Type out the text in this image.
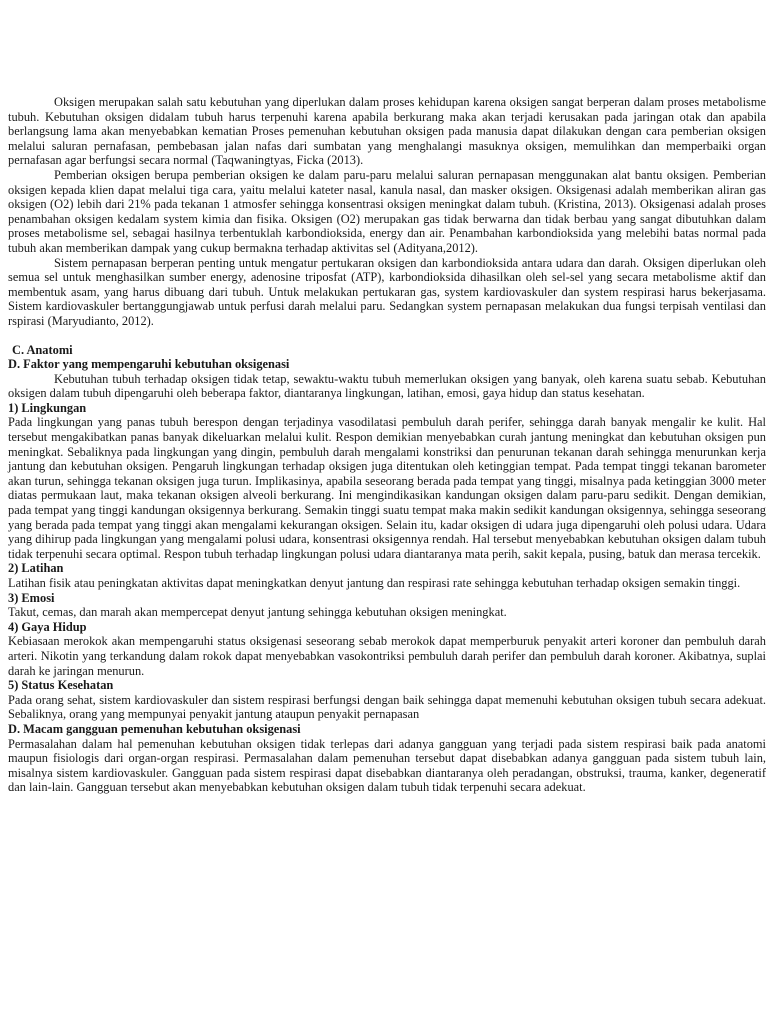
Oksigen merupakan salah satu kebutuhan yang diperlukan dalam proses kehidupan karena oksigen sangat berperan dalam proses metabolisme tubuh. Kebutuhan oksigen didalam tubuh harus terpenuhi karena apabila berkurang maka akan terjadi kerusakan pada jaringan otak dan apabila berlangsung lama akan menyebabkan kematian Proses pemenuhan kebutuhan oksigen pada manusia dapat dilakukan dengan cara pemberian oksigen melalui saluran pernafasan, pembebasan jalan nafas dari sumbatan yang menghalangi masuknya oksigen, memulihkan dan memperbaiki organ pernafasan agar berfungsi secara normal (Taqwaningtyas, Ficka (2013).

Pemberian oksigen berupa pemberian oksigen ke dalam paru-paru melalui saluran pernapasan menggunakan alat bantu oksigen. Pemberian oksigen kepada klien dapat melalui tiga cara, yaitu melalui kateter nasal, kanula nasal, dan masker oksigen. Oksigenasi adalah memberikan aliran gas oksigen (O2) lebih dari 21% pada tekanan 1 atmosfer sehingga konsentrasi oksigen meningkat dalam tubuh. (Kristina, 2013). Oksigenasi adalah proses penambahan oksigen kedalam system kimia dan fisika. Oksigen (O2) merupakan gas tidak berwarna dan tidak berbau yang sangat dibutuhkan dalam proses metabolisme sel, sebagai hasilnya terbentuklah karbondioksida, energy dan air. Penambahan karbondioksida yang melebihi batas normal pada tubuh akan memberikan dampak yang cukup bermakna terhadap aktivitas sel (Adityana,2012).

Sistem pernapasan berperan penting untuk mengatur pertukaran oksigen dan karbondioksida antara udara dan darah. Oksigen diperlukan oleh semua sel untuk menghasilkan sumber energy, adenosine triposfat (ATP), karbondioksida dihasilkan oleh sel-sel yang secara metabolisme aktif dan membentuk asam, yang harus dibuang dari tubuh. Untuk melakukan pertukaran gas, system kardiovaskuler dan system respirasi harus bekerjasama. Sistem kardiovaskuler bertanggungjawab untuk perfusi darah melalui paru. Sedangkan system pernapasan melakukan dua fungsi terpisah ventilasi dan rspirasi (Maryudianto, 2012).

C. Anatomi
D. Faktor yang mempengaruhi kebutuhan oksigenasi

Kebutuhan tubuh terhadap oksigen tidak tetap, sewaktu-waktu tubuh memerlukan oksigen yang banyak, oleh karena suatu sebab. Kebutuhan oksigen dalam tubuh dipengaruhi oleh beberapa faktor, diantaranya lingkungan, latihan, emosi, gaya hidup dan status kesehatan.

1) Lingkungan

Pada lingkungan yang panas tubuh berespon dengan terjadinya vasodilatasi pembuluh darah perifer, sehingga darah banyak mengalir ke kulit. Hal tersebut mengakibatkan panas banyak dikeluarkan melalui kulit. Respon demikian menyebabkan curah jantung meningkat dan kebutuhan oksigen pun meningkat. Sebaliknya pada lingkungan yang dingin, pembuluh darah mengalami konstriksi dan penurunan tekanan darah sehingga menurunkan kerja jantung dan kebutuhan oksigen. Pengaruh lingkungan terhadap oksigen juga ditentukan oleh ketinggian tempat. Pada tempat tinggi tekanan barometer akan turun, sehingga tekanan oksigen juga turun. Implikasinya, apabila seseorang berada pada tempat yang tinggi, misalnya pada ketinggian 3000 meter diatas permukaan laut, maka tekanan oksigen alveoli berkurang. Ini mengindikasikan kandungan oksigen dalam paru-paru sedikit. Dengan demikian, pada tempat yang tinggi kandungan oksigennya berkurang. Semakin tinggi suatu tempat maka makin sedikit kandungan oksigennya, sehingga seseorang yang berada pada tempat yang tinggi akan mengalami kekurangan oksigen. Selain itu, kadar oksigen di udara juga dipengaruhi oleh polusi udara. Udara yang dihirup pada lingkungan yang mengalami polusi udara, konsentrasi oksigennya rendah. Hal tersebut menyebabkan kebutuhan oksigen dalam tubuh tidak terpenuhi secara optimal. Respon tubuh terhadap lingkungan polusi udara diantaranya mata perih, sakit kepala, pusing, batuk dan merasa tercekik.

2) Latihan

Latihan fisik atau peningkatan aktivitas dapat meningkatkan denyut jantung dan respirasi rate sehingga kebutuhan terhadap oksigen semakin tinggi.

3) Emosi

Takut, cemas, dan marah akan mempercepat denyut jantung sehingga kebutuhan oksigen meningkat.

4) Gaya Hidup

Kebiasaan merokok akan mempengaruhi status oksigenasi seseorang sebab merokok dapat memperburuk penyakit arteri koroner dan pembuluh darah arteri. Nikotin yang terkandung dalam rokok dapat menyebabkan vasokontriksi pembuluh darah perifer dan pembuluh darah koroner. Akibatnya, suplai darah ke jaringan menurun.

5) Status Kesehatan

Pada orang sehat, sistem kardiovaskuler dan sistem respirasi berfungsi dengan baik sehingga dapat memenuhi kebutuhan oksigen tubuh secara adekuat. Sebaliknya, orang yang mempunyai penyakit jantung ataupun penyakit pernapasan

D. Macam gangguan pemenuhan kebutuhan oksigenasi

Permasalahan dalam hal pemenuhan kebutuhan oksigen tidak terlepas dari adanya gangguan yang terjadi pada sistem respirasi baik pada anatomi maupun fisiologis dari organ-organ respirasi. Permasalahan dalam pemenuhan tersebut dapat disebabkan adanya gangguan pada sistem tubuh lain, misalnya sistem kardiovaskuler. Gangguan pada sistem respirasi dapat disebabkan diantaranya oleh peradangan, obstruksi, trauma, kanker, degeneratif dan lain-lain. Gangguan tersebut akan menyebabkan kebutuhan oksigen dalam tubuh tidak terpenuhi secara adekuat.
